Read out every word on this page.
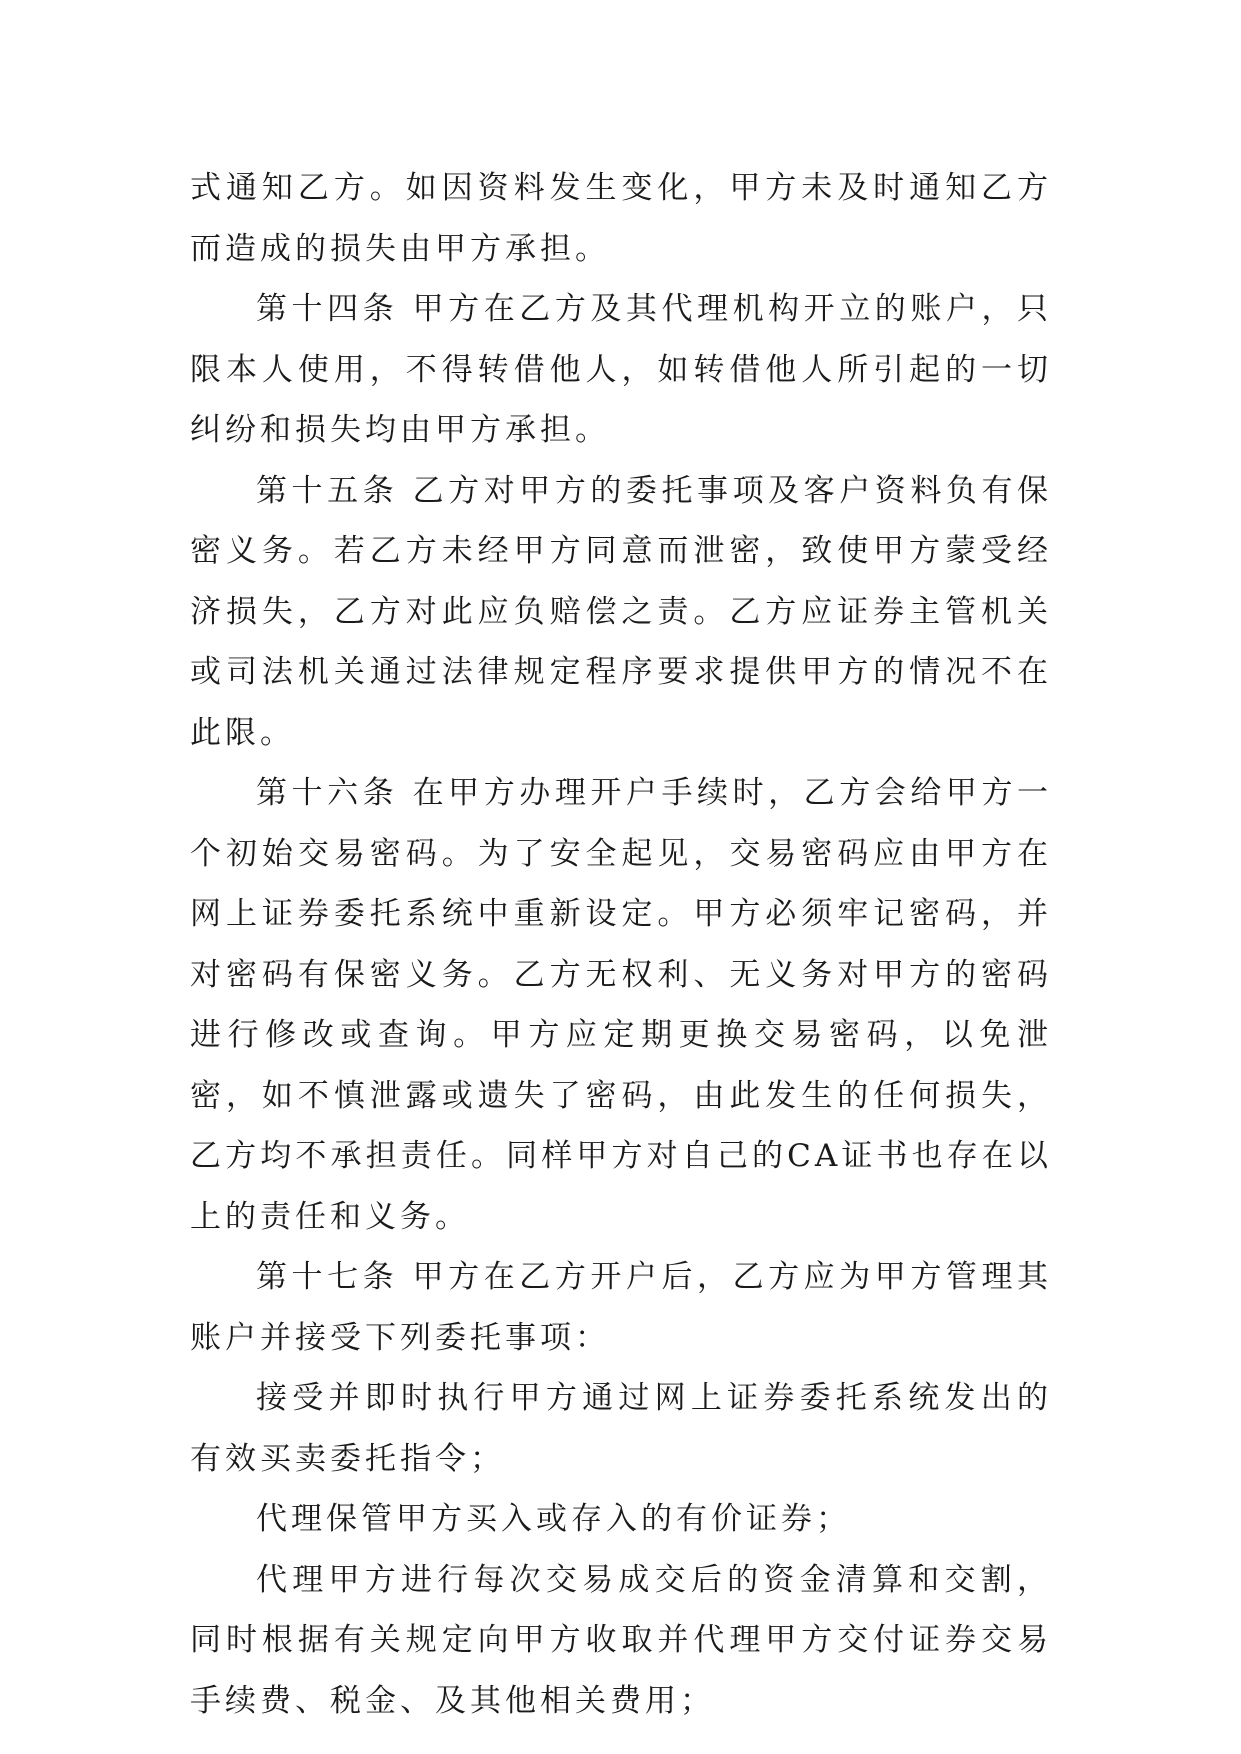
式通知乙方。如因资料发生变化，甲方未及时通知乙方而造成的损失由甲方承担。

第十四条 甲方在乙方及其代理机构开立的账户，只限本人使用，不得转借他人，如转借他人所引起的一切纠纷和损失均由甲方承担。

第十五条 乙方对甲方的委托事项及客户资料负有保密义务。若乙方未经甲方同意而泄密，致使甲方蒙受经济损失，乙方对此应负赔偿之责。乙方应证券主管机关或司法机关通过法律规定程序要求提供甲方的情况不在此限。

第十六条 在甲方办理开户手续时，乙方会给甲方一个初始交易密码。为了安全起见，交易密码应由甲方在网上证券委托系统中重新设定。甲方必须牢记密码，并对密码有保密义务。乙方无权利、无义务对甲方的密码进行修改或查询。甲方应定期更换交易密码，以免泄密，如不慎泄露或遗失了密码，由此发生的任何损失，乙方均不承担责任。同样甲方对自己的CA证书也存在以上的责任和义务。

第十七条 甲方在乙方开户后，乙方应为甲方管理其账户并接受下列委托事项：

接受并即时执行甲方通过网上证券委托系统发出的有效买卖委托指令；

代理保管甲方买入或存入的有价证券；

代理甲方进行每次交易成交后的资金清算和交割，同时根据有关规定向甲方收取并代理甲方交付证券交易手续费、税金、及其他相关费用；
